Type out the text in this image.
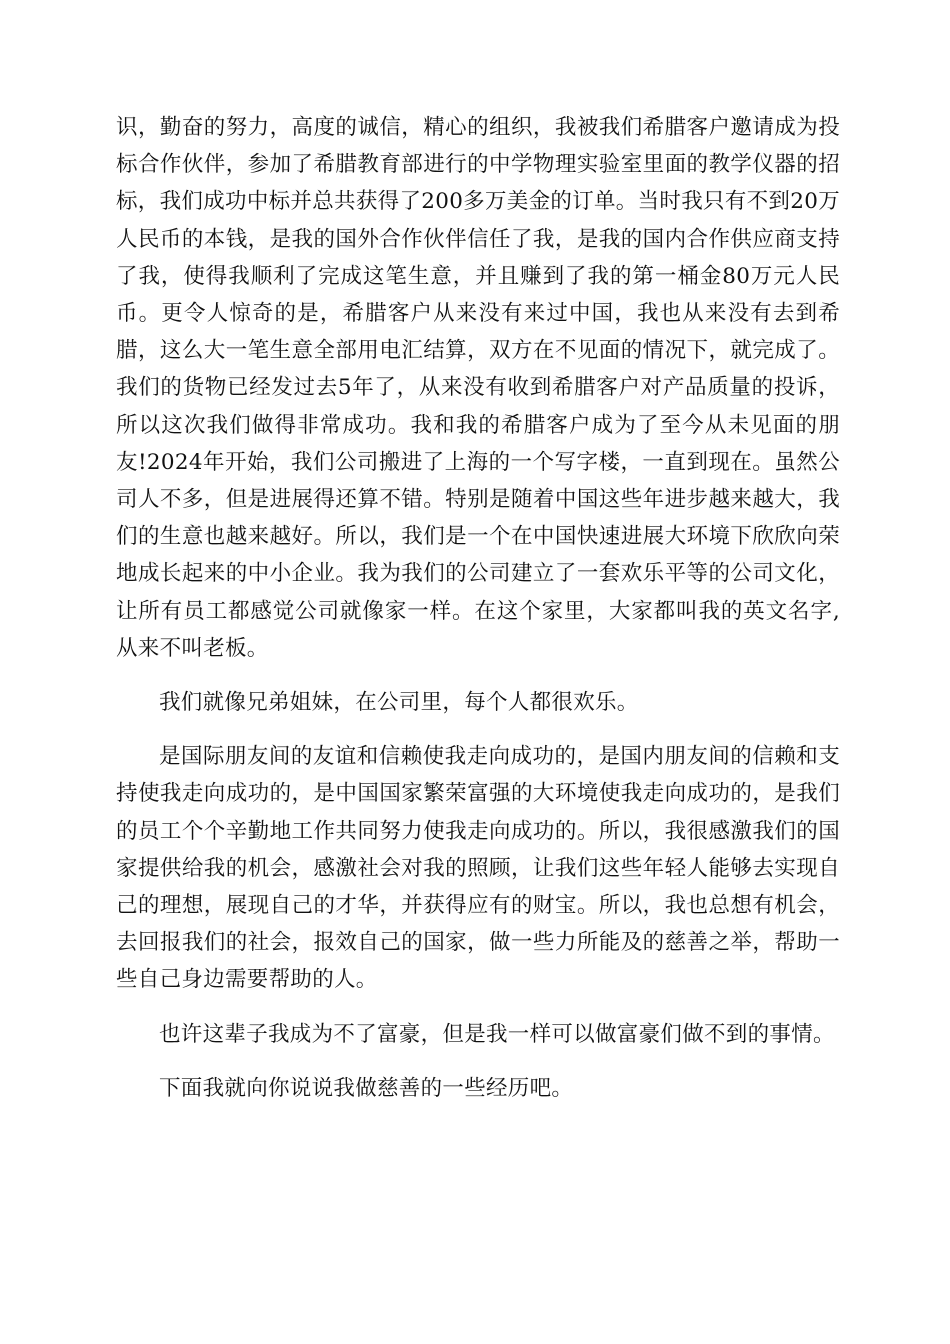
识，勤奋的努力，高度的诚信，精心的组织，我被我们希腊客户邀请成为投标合作伙伴，参加了希腊教育部进行的中学物理实验室里面的教学仪器的招标，我们成功中标并总共获得了200多万美金的订单。当时我只有不到20万人民币的本钱，是我的国外合作伙伴信任了我，是我的国内合作供应商支持了我，使得我顺利了完成这笔生意，并且赚到了我的第一桶金80万元人民币。更令人惊奇的是，希腊客户从来没有来过中国，我也从来没有去到希腊，这么大一笔生意全部用电汇结算，双方在不见面的情况下，就完成了。我们的货物已经发过去5年了，从来没有收到希腊客户对产品质量的投诉，所以这次我们做得非常成功。我和我的希腊客户成为了至今从未见面的朋友!2024年开始，我们公司搬进了上海的一个写字楼，一直到现在。虽然公司人不多，但是进展得还算不错。特别是随着中国这些年进步越来越大，我们的生意也越来越好。所以，我们是一个在中国快速进展大环境下欣欣向荣地成长起来的中小企业。我为我们的公司建立了一套欢乐平等的公司文化，让所有员工都感觉公司就像家一样。在这个家里，大家都叫我的英文名字,从来不叫老板。

我们就像兄弟姐妹，在公司里，每个人都很欢乐。

是国际朋友间的友谊和信赖使我走向成功的，是国内朋友间的信赖和支持使我走向成功的，是中国国家繁荣富强的大环境使我走向成功的，是我们的员工个个辛勤地工作共同努力使我走向成功的。所以，我很感激我们的国家提供给我的机会，感激社会对我的照顾，让我们这些年轻人能够去实现自己的理想，展现自己的才华，并获得应有的财宝。所以，我也总想有机会，去回报我们的社会，报效自己的国家，做一些力所能及的慈善之举，帮助一些自己身边需要帮助的人。

也许这辈子我成为不了富豪，但是我一样可以做富豪们做不到的事情。

下面我就向你说说我做慈善的一些经历吧。
